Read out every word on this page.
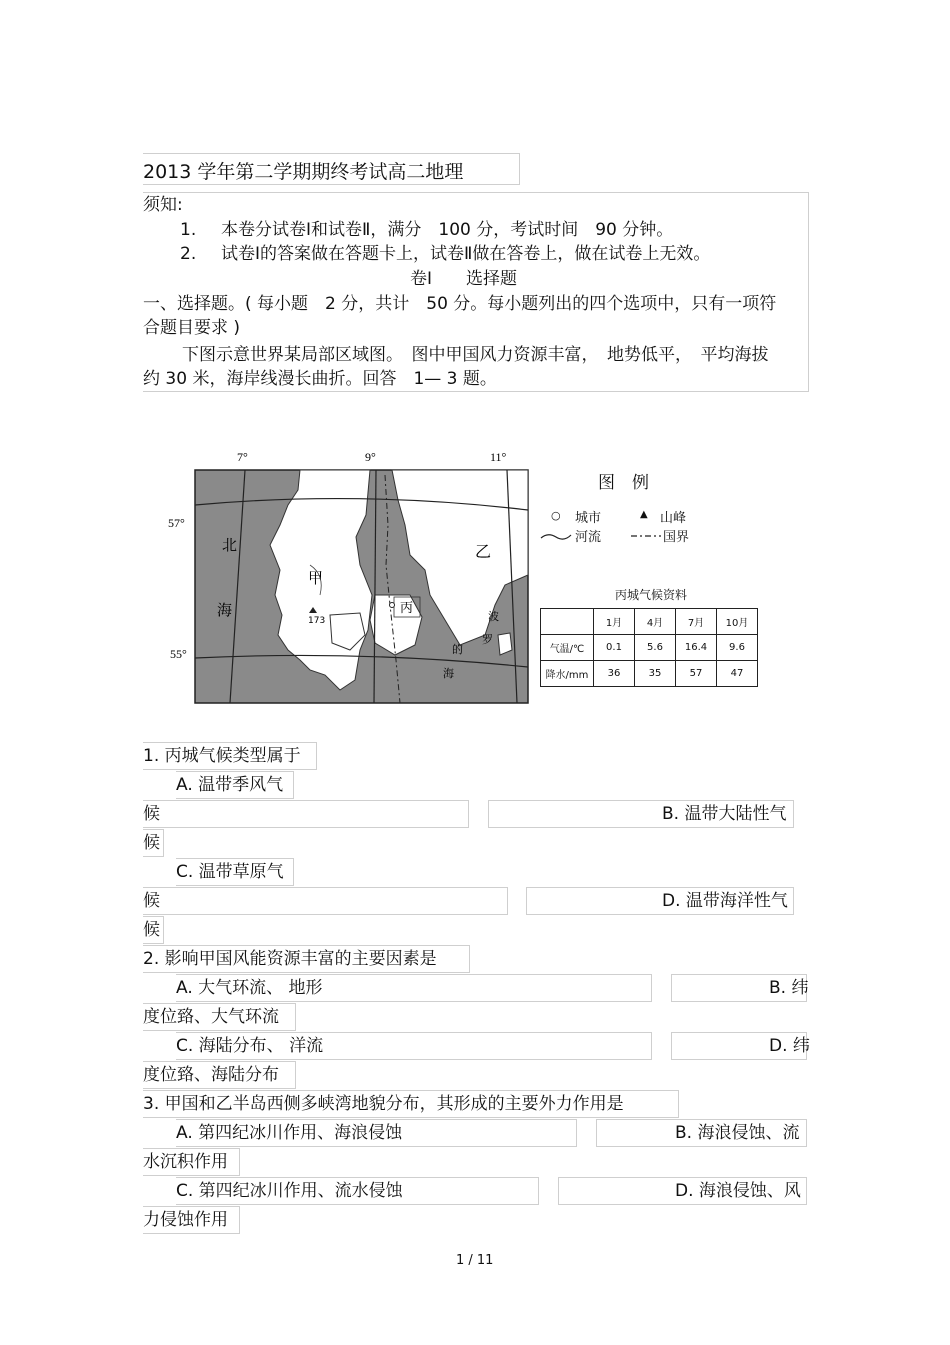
2013 学年第二学期期终考试高二地理
须知:
1. 本卷分试卷Ⅰ和试卷Ⅱ，满分　100 分，考试时间　90 分钟。
2. 试卷Ⅰ的答案做在答题卡上，试卷Ⅱ做在答卷上，做在试卷上无效。
卷Ⅰ　　选择题
一、选择题。( 每小题　2 分，共计　50 分。每小题列出的四个选项中，只有一项符
合题目要求 )
下图示意世界某局部区域图。　图中甲国风力资源丰富，　地势低平，　平均海拔
约 30 米，海岸线漫长曲折。回答　1— 3 题。
7°	9°	11°
57°
55°
北
海
甲
乙
丙
173	波
罗
的
海
图　例
○ 城市	▲ 山峰
河流	国界
丙城气候资料
	1月	4月	7月	10月
气温/℃	0.1	5.6	16.4	9.6
降水/mm	36	35	57	47
1. 丙城气候类型属于
A. 温带季风气
候	B. 温带大陆性气
候
C. 温带草原气
候	D. 温带海洋性气
候
2. 影响甲国风能资源丰富的主要因素是
A. 大气环流、 地形	B. 纬
度位臵、大气环流
C. 海陆分布、 洋流	D. 纬
度位臵、海陆分布
3. 甲国和乙半岛西侧多峡湾地貌分布，其形成的主要外力作用是
A. 第四纪冰川作用、海浪侵蚀	B. 海浪侵蚀、流
水沉积作用
C. 第四纪冰川作用、流水侵蚀	D. 海浪侵蚀、风
力侵蚀作用
1 / 11
